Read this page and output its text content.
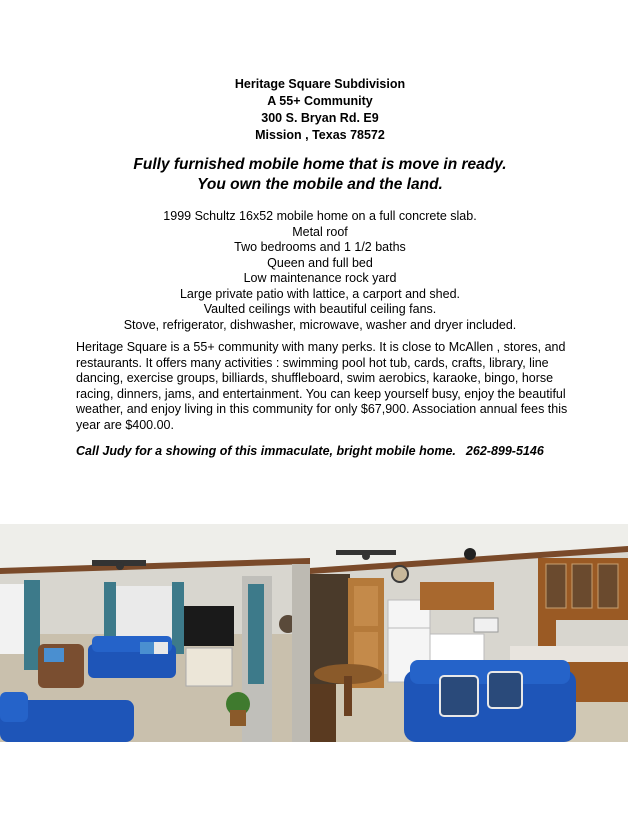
Heritage Square Subdivision
A 55+ Community
300 S. Bryan Rd. E9
Mission , Texas 78572
Fully furnished mobile home that is move in ready.
You own the mobile and the land.
1999 Schultz 16x52 mobile home on a full concrete slab.
Metal roof
Two bedrooms and 1 1/2 baths
Queen and full bed
Low maintenance rock yard
Large private patio with lattice, a carport and shed.
Vaulted ceilings with beautiful ceiling fans.
Stove, refrigerator, dishwasher, microwave, washer and dryer included.
Heritage Square is a 55+ community with many perks. It is close to McAllen , stores, and restaurants. It offers many activities : swimming pool hot tub, cards, crafts, library, line dancing, exercise groups, billiards, shuffleboard, swim aerobics, karaoke, bingo, horse racing, dinners, jams, and entertainment. You can keep yourself busy, enjoy the beautiful weather, and enjoy living in this community for only $67,900. Association annual fees this year are $400.00.
Call Judy for a showing of this immaculate, bright mobile home. 262-899-5146
